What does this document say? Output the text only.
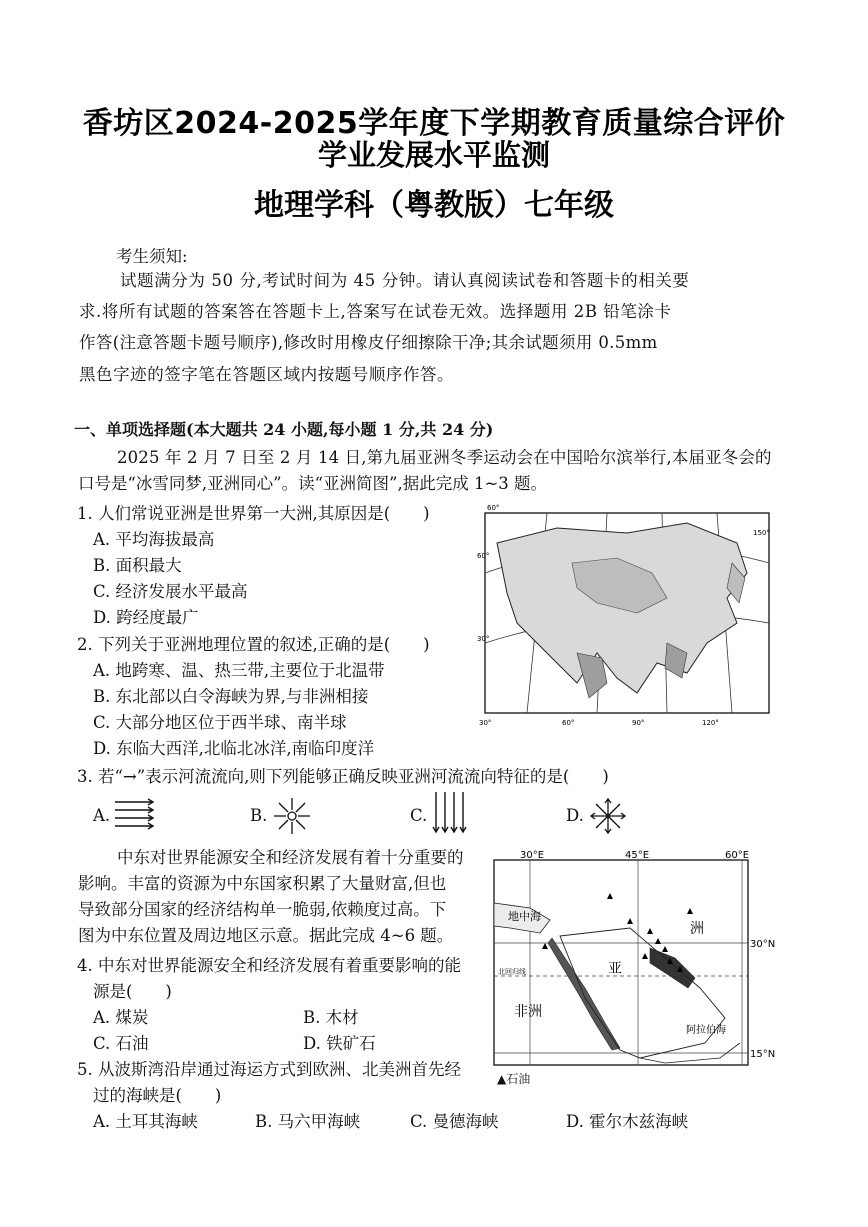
香坊区2024-2025学年度下学期教育质量综合评价
学业发展水平监测
地理学科（粤教版）七年级
考生须知:
试题满分为 50 分,考试时间为 45 分钟。请认真阅读试卷和答题卡的相关要
求.将所有试题的答案答在答题卡上,答案写在试卷无效。选择题用 2B 铅笔涂卡
作答(注意答题卡题号顺序),修改时用橡皮仔细擦除干净;其余试题须用 0.5mm
黑色字迹的签字笔在答题区域内按题号顺序作答。
一、单项选择题(本大题共 24 小题,每小题 1 分,共 24 分)
2025 年 2 月 7 日至 2 月 14 日,第九届亚洲冬季运动会在中国哈尔滨举行,本届亚冬会的
口号是“冰雪同梦,亚洲同心”。读“亚洲简图”,据此完成 1~3 题。
1. 人们常说亚洲是世界第一大洲,其原因是(　　)
A. 平均海拔最高
B. 面积最大
C. 经济发展水平最高
D. 跨经度最广
2. 下列关于亚洲地理位置的叙述,正确的是(　　)
A. 地跨寒、温、热三带,主要位于北温带
B. 东北部以白令海峡为界,与非洲相接
C. 大部分地区位于西半球、南半球
D. 东临大西洋,北临北冰洋,南临印度洋
60°
30°	60°	90°	120°
150°
60°
30°
3. 若“→”表示河流流向,则下列能够正确反映亚洲河流流向特征的是(　　)
A.	B.	C.	D.
中东对世界能源安全和经济发展有着十分重要的
影响。丰富的资源为中东国家积累了大量财富,但也
导致部分国家的经济结构单一脆弱,依赖度过高。下
图为中东位置及周边地区示意。据此完成 4~6 题。
4. 中东对世界能源安全和经济发展有着重要影响的能
源是(　　)
A. 煤炭	B. 木材
C. 石油	D. 铁矿石
5. 从波斯湾沿岸通过海运方式到欧洲、北美洲首先经
过的海峡是(　　)
A. 土耳其海峡	B. 马六甲海峡	C. 曼德海峡	D. 霍尔木兹海峡
30°E	45°E	60°E
30°N
15°N
地中海
洲
亚
非洲
阿拉伯海
北回归线
▲石油
